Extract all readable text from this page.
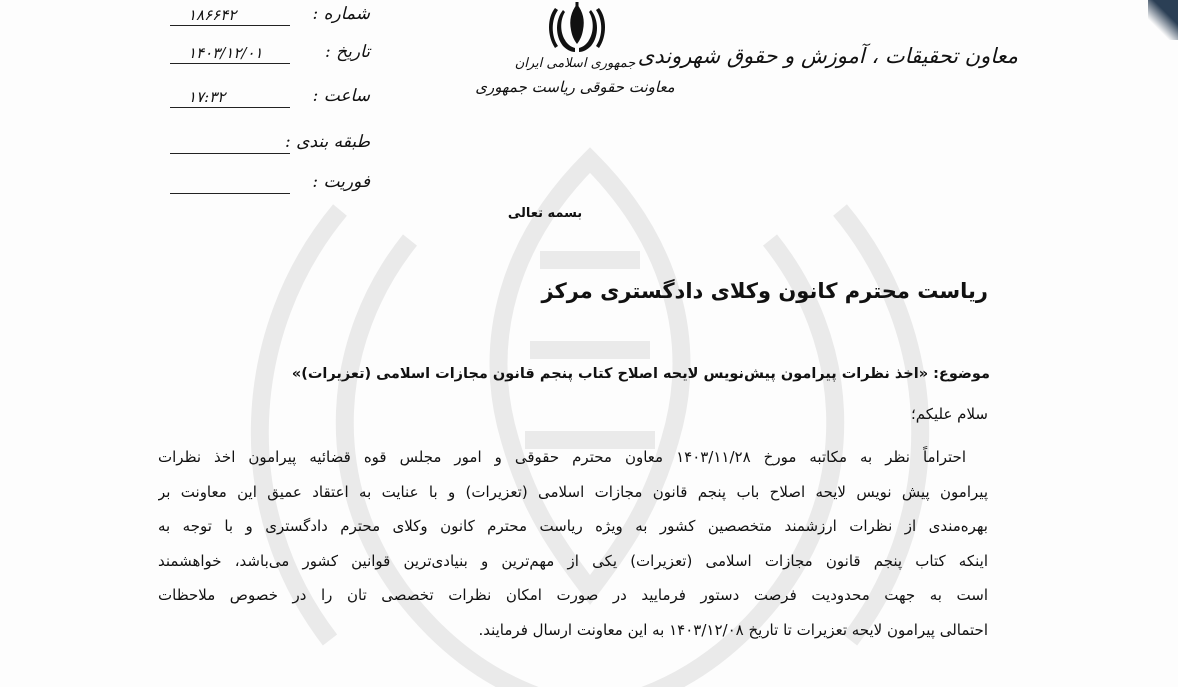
شماره :
۱۸۶۶۴۲
تاریخ :
۱۴۰۳/۱۲/۰۱
ساعت :
۱۷:۳۲
طبقه بندی :
فوریت :
جمهوری اسلامی ایران
معاونت حقوقی ریاست جمهوری
معاون تحقیقات ، آموزش و حقوق شهروندی
بسمه تعالی
ریاست محترم کانون وکلای دادگستری مرکز
موضوع: «اخذ نظرات پیرامون پیش‌نویس لایحه اصلاح کتاب پنجم قانون مجازات اسلامی (تعزیرات)»
سلام علیکم؛
احتراماً نظر به مکاتبه مورخ ۱۴۰۳/۱۱/۲۸ معاون محترم حقوقی و امور مجلس قوه قضائیه پیرامون اخذ نظرات
پیرامون پیش نویس لایحه اصلاح باب پنجم قانون مجازات اسلامی (تعزیرات) و با عنایت به اعتقاد عمیق این معاونت بر
بهره‌مندی از نظرات ارزشمند متخصصین کشور به ویژه ریاست محترم کانون وکلای محترم دادگستری و با توجه به
اینکه کتاب پنجم قانون مجازات اسلامی (تعزیرات) یکی از مهم‌ترین و بنیادی‌ترین قوانین کشور می‌باشد، خواهشمند
است به جهت محدودیت فرصت دستور فرمایید در صورت امکان نظرات تخصصی تان را در خصوص ملاحظات
احتمالی پیرامون لایحه تعزیرات تا تاریخ ۱۴۰۳/۱۲/۰۸ به این معاونت ارسال فرمایند.
